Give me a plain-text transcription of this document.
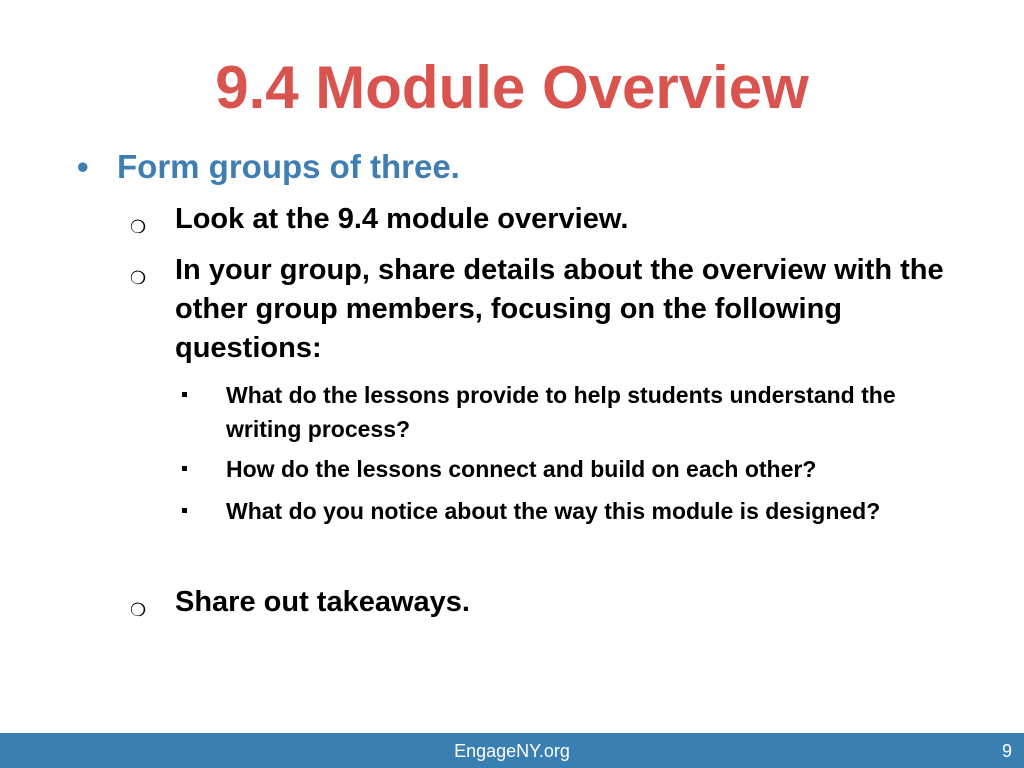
9.4 Module Overview
• Form groups of three.
❍ Look at the 9.4 module overview.
❍ In your group, share details about the overview with the other group members, focusing on the following questions:
What do the lessons provide to help students understand the writing process?
How do the lessons connect and build on each other?
What do you notice about the way this module is designed?
❍ Share out takeaways.
EngageNY.org	9
